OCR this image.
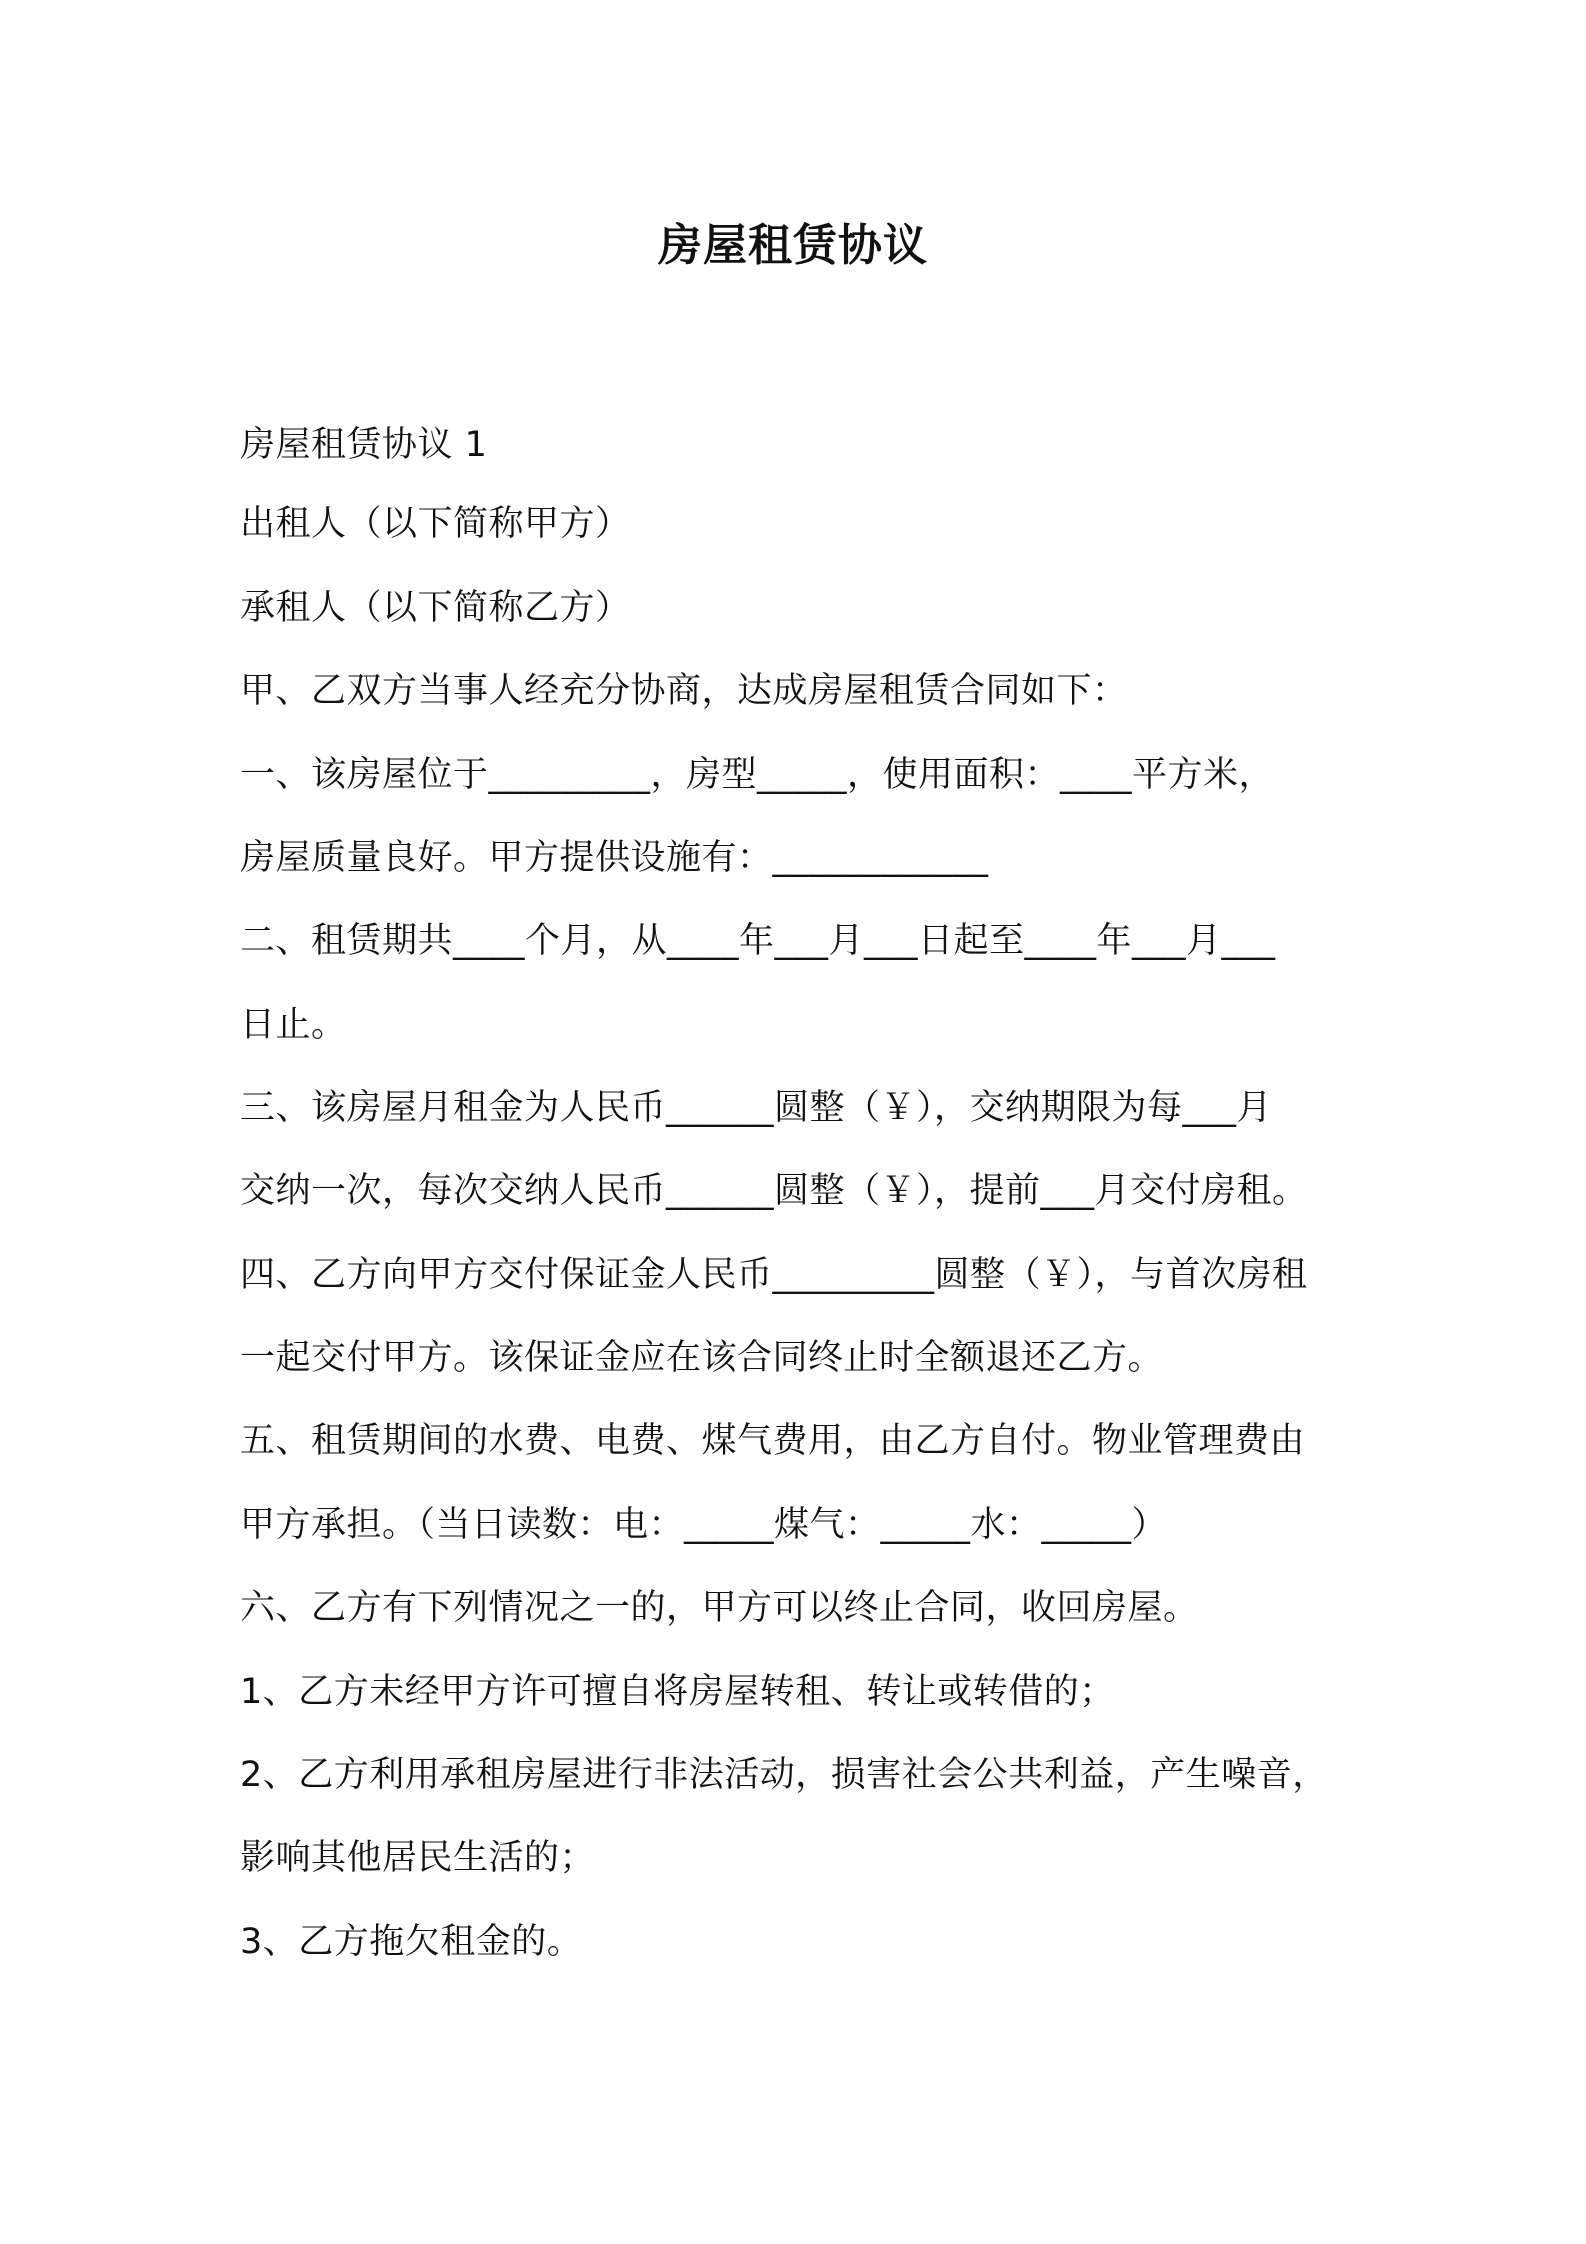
房屋租赁协议
房屋租赁协议 1
出租人（以下简称甲方）
承租人（以下简称乙方）
甲、乙双方当事人经充分协商，达成房屋租赁合同如下：
一、该房屋位于_________，房型_____，使用面积：____平方米，
房屋质量良好。甲方提供设施有：____________
二、租赁期共____个月，从____年___月___日起至____年___月___
日止。
三、该房屋月租金为人民币______圆整（￥），交纳期限为每___月
交纳一次，每次交纳人民币______圆整（￥），提前___月交付房租。
四、乙方向甲方交付保证金人民币_________圆整（￥），与首次房租
一起交付甲方。该保证金应在该合同终止时全额退还乙方。
五、租赁期间的水费、电费、煤气费用，由乙方自付。物业管理费由
甲方承担。（当日读数：电：_____煤气：_____水：_____）
六、乙方有下列情况之一的，甲方可以终止合同，收回房屋。
1、乙方未经甲方许可擅自将房屋转租、转让或转借的；
2、乙方利用承租房屋进行非法活动，损害社会公共利益，产生噪音，
影响其他居民生活的；
3、乙方拖欠租金的。
